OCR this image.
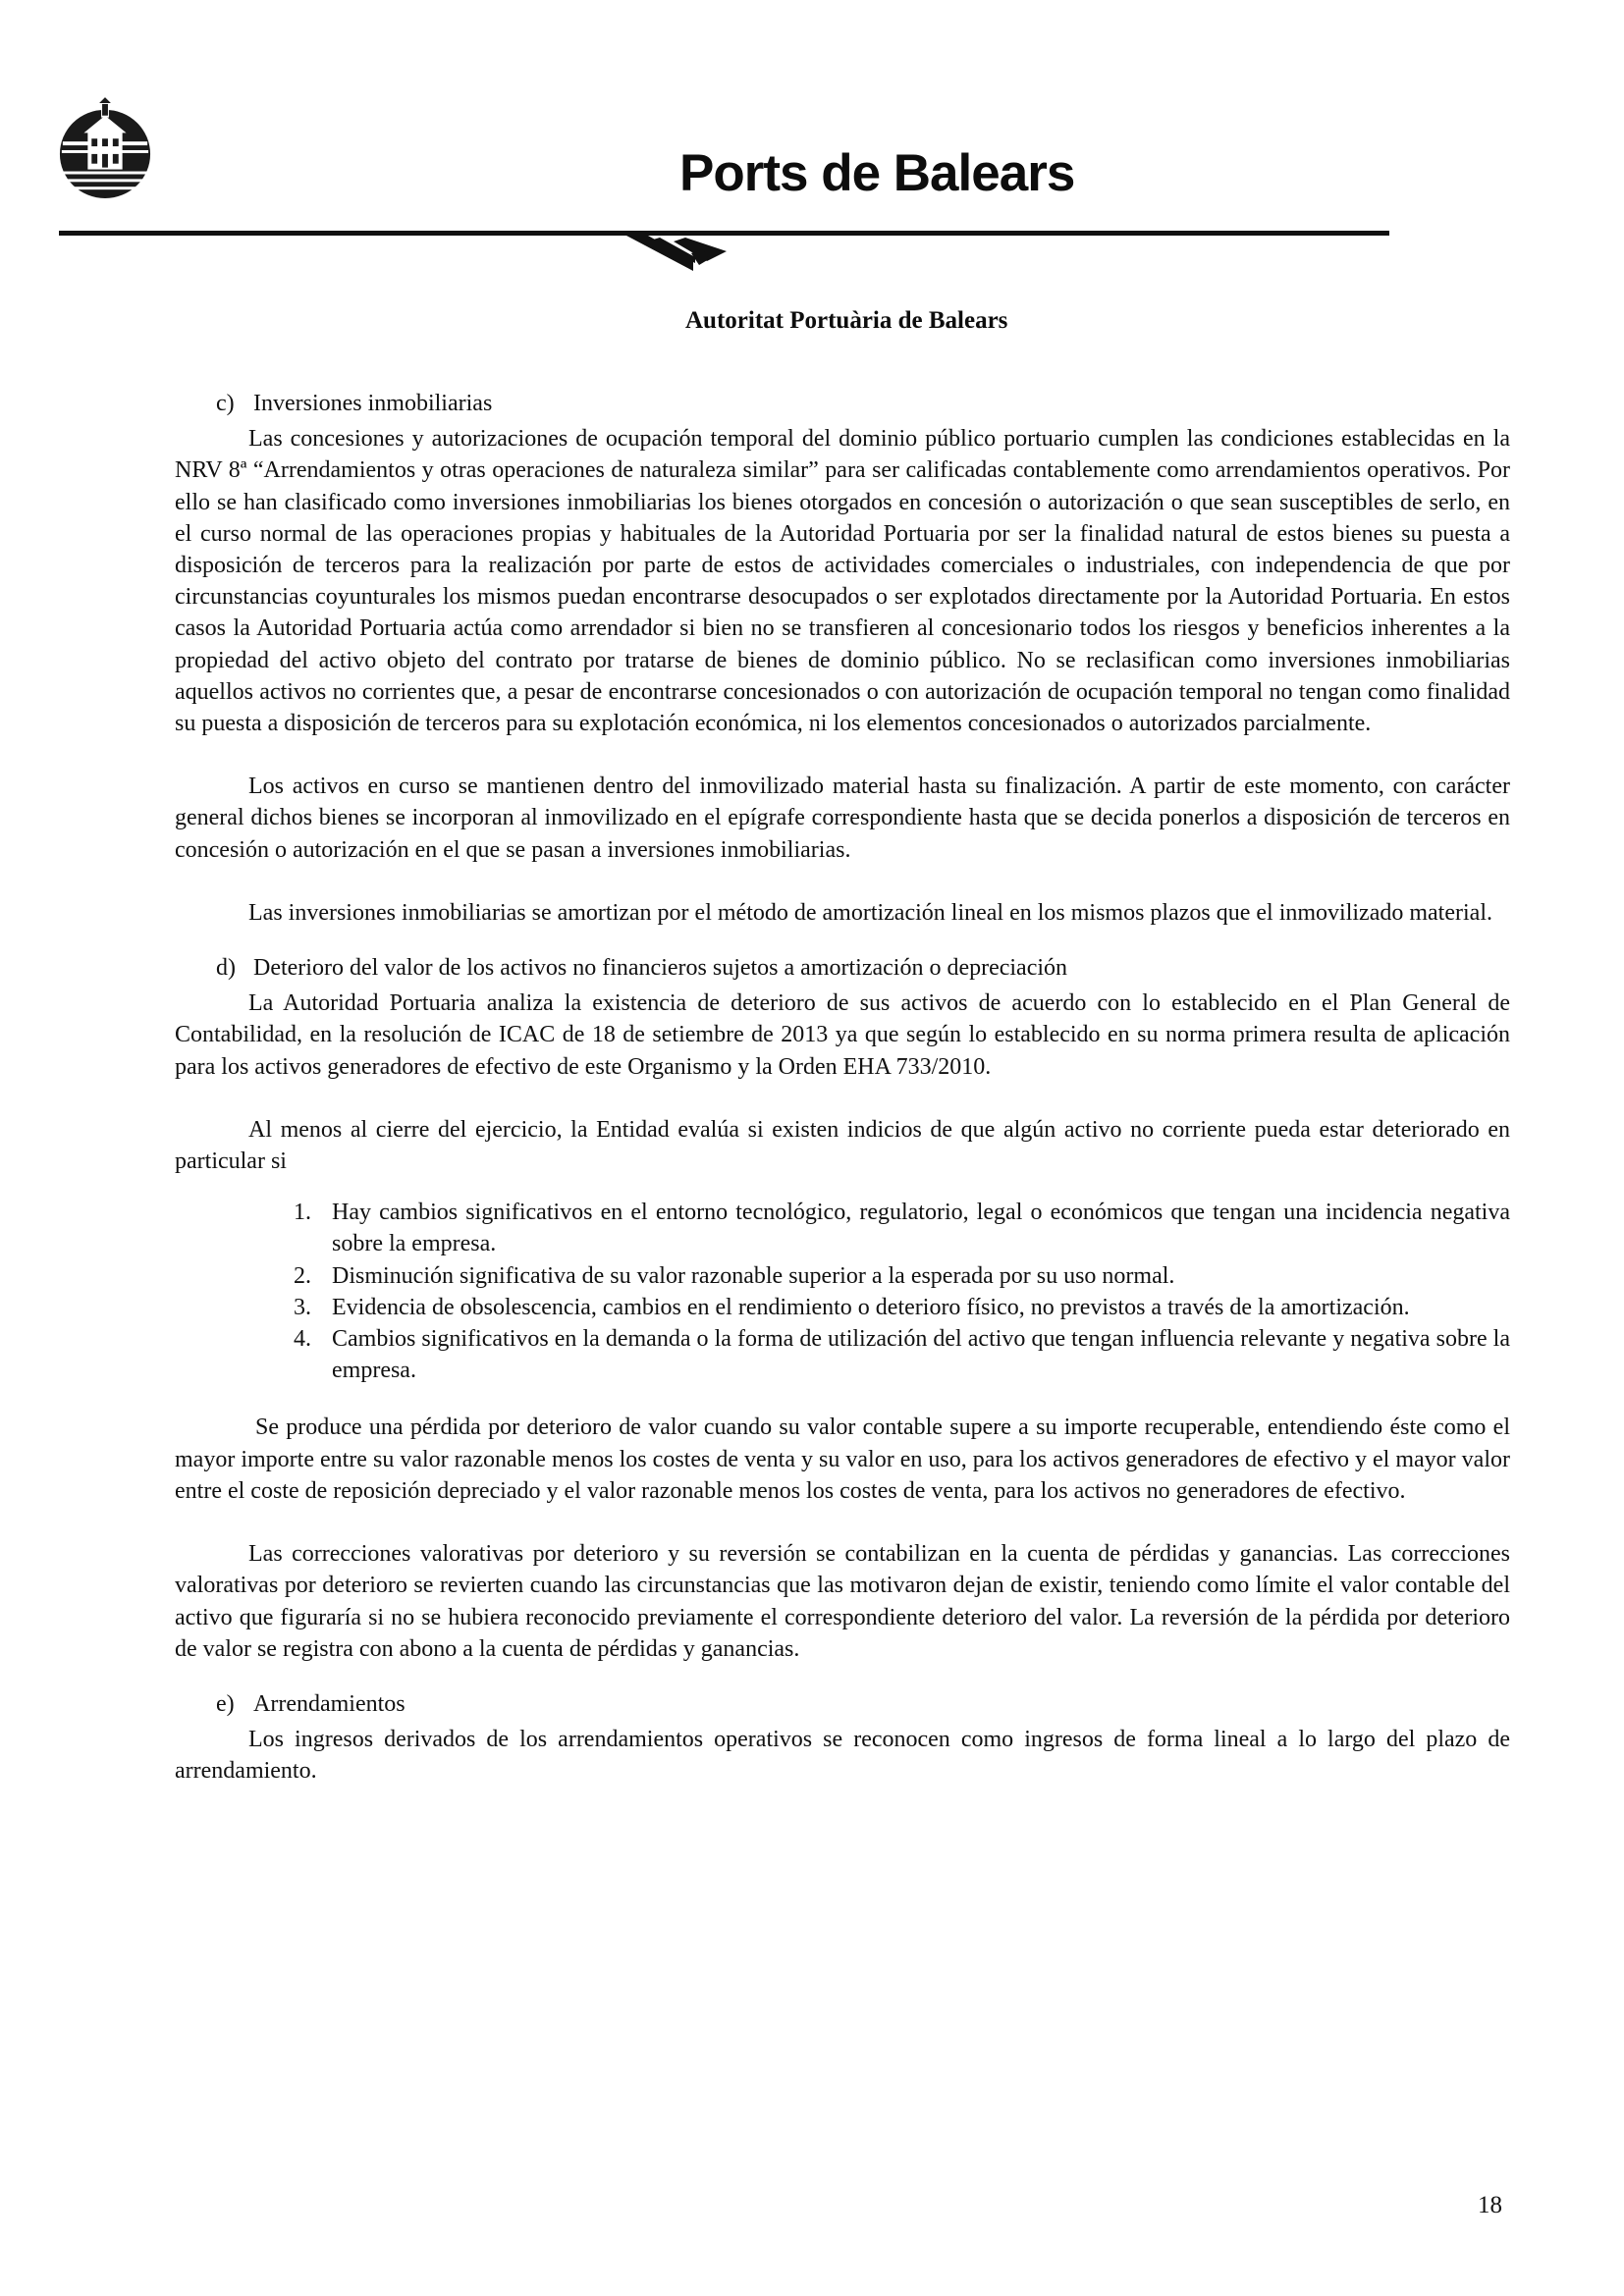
Ports de Balears
Autoritat Portuària de Balears
c) Inversiones inmobiliarias

Las concesiones y autorizaciones de ocupación temporal del dominio público portuario cumplen las condiciones establecidas en la NRV 8ª “Arrendamientos y otras operaciones de naturaleza similar” para ser calificadas contablemente como arrendamientos operativos. Por ello se han clasificado como inversiones inmobiliarias los bienes otorgados en concesión o autorización o que sean susceptibles de serlo, en el curso normal de las operaciones propias y habituales de la Autoridad Portuaria por ser la finalidad natural de estos bienes su puesta a disposición de terceros para la realización por parte de estos de actividades comerciales o industriales, con independencia de que por circunstancias coyunturales los mismos puedan encontrarse desocupados o ser explotados directamente por la Autoridad Portuaria. En estos casos la Autoridad Portuaria actúa como arrendador si bien no se transfieren al concesionario todos los riesgos y beneficios inherentes a la propiedad del activo objeto del contrato por tratarse de bienes de dominio público. No se reclasifican como inversiones inmobiliarias aquellos activos no corrientes que, a pesar de encontrarse concesionados o con autorización de ocupación temporal no tengan como finalidad su puesta a disposición de terceros para su explotación económica, ni los elementos concesionados o autorizados parcialmente.

Los activos en curso se mantienen dentro del inmovilizado material hasta su finalización. A partir de este momento, con carácter general dichos bienes se incorporan al inmovilizado en el epígrafe correspondiente hasta que se decida ponerlos a disposición de terceros en concesión o autorización en el que se pasan a inversiones inmobiliarias.

Las inversiones inmobiliarias se amortizan por el método de amortización lineal en los mismos plazos que el inmovilizado material.

d) Deterioro del valor de los activos no financieros sujetos a amortización o depreciación

La Autoridad Portuaria analiza la existencia de deterioro de sus activos de acuerdo con lo establecido en el Plan General de Contabilidad, en la resolución de ICAC de 18 de setiembre de 2013 ya que según lo establecido en su norma primera resulta de aplicación para los activos generadores de efectivo de este Organismo y la Orden EHA 733/2010.

Al menos al cierre del ejercicio, la Entidad evalúa si existen indicios de que algún activo no corriente pueda estar deteriorado en particular si

1. Hay cambios significativos en el entorno tecnológico, regulatorio, legal o económicos que tengan una incidencia negativa sobre la empresa.
2. Disminución significativa de su valor razonable superior a la esperada por su uso normal.
3. Evidencia de obsolescencia, cambios en el rendimiento o deterioro físico, no previstos a través de la amortización.
4. Cambios significativos en la demanda o la forma de utilización del activo que tengan influencia relevante y negativa sobre la empresa.

Se produce una pérdida por deterioro de valor cuando su valor contable supere a su importe recuperable, entendiendo éste como el mayor importe entre su valor razonable menos los costes de venta y su valor en uso, para los activos generadores de efectivo y el mayor valor entre el coste de reposición depreciado y el valor razonable menos los costes de venta, para los activos no generadores de efectivo.

Las correcciones valorativas por deterioro y su reversión se contabilizan en la cuenta de pérdidas y ganancias. Las correcciones valorativas por deterioro se revierten cuando las circunstancias que las motivaron dejan de existir, teniendo como límite el valor contable del activo que figuraría si no se hubiera reconocido previamente el correspondiente deterioro del valor. La reversión de la pérdida por deterioro de valor se registra con abono a la cuenta de pérdidas y ganancias.

e) Arrendamientos

Los ingresos derivados de los arrendamientos operativos se reconocen como ingresos de forma lineal a lo largo del plazo de arrendamiento.

18
